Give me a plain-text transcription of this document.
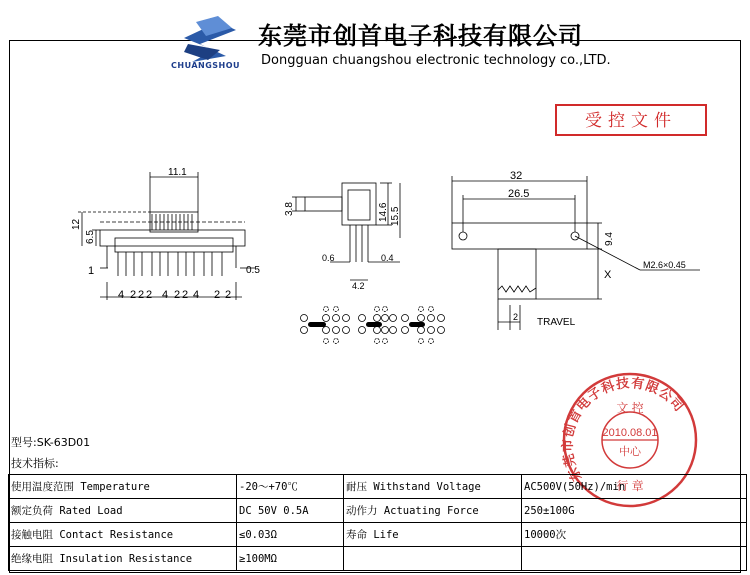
11.1
12
6.5
1	0.5
4 2 2 2 4 2 2 4 2 2
3.8	14.6 15.5
0.6	0.4
4.2
32
26.5
9.4
M2.6×0.45
X
2 TRAVEL
东莞市创首电子科技有限公司
文 控
2010.08.01
中心
行 章
东莞市创首电子科技有限公司
Dongguan chuangshou electronic technology co.,LTD.
CHUANGSHOU
受控文件
型号:SK-63D01
技术指标:
使用温度范围 Temperature	-20～+70℃	耐压 Withstand Voltage	AC500V(50Hz)/min
额定负荷 Rated Load	DC 50V 0.5A	动作力 Actuating Force	250±100G
接触电阻 Contact Resistance	≤0.03Ω	寿命 Life	10000次
绝缘电阻 Insulation Resistance	≥100MΩ		
